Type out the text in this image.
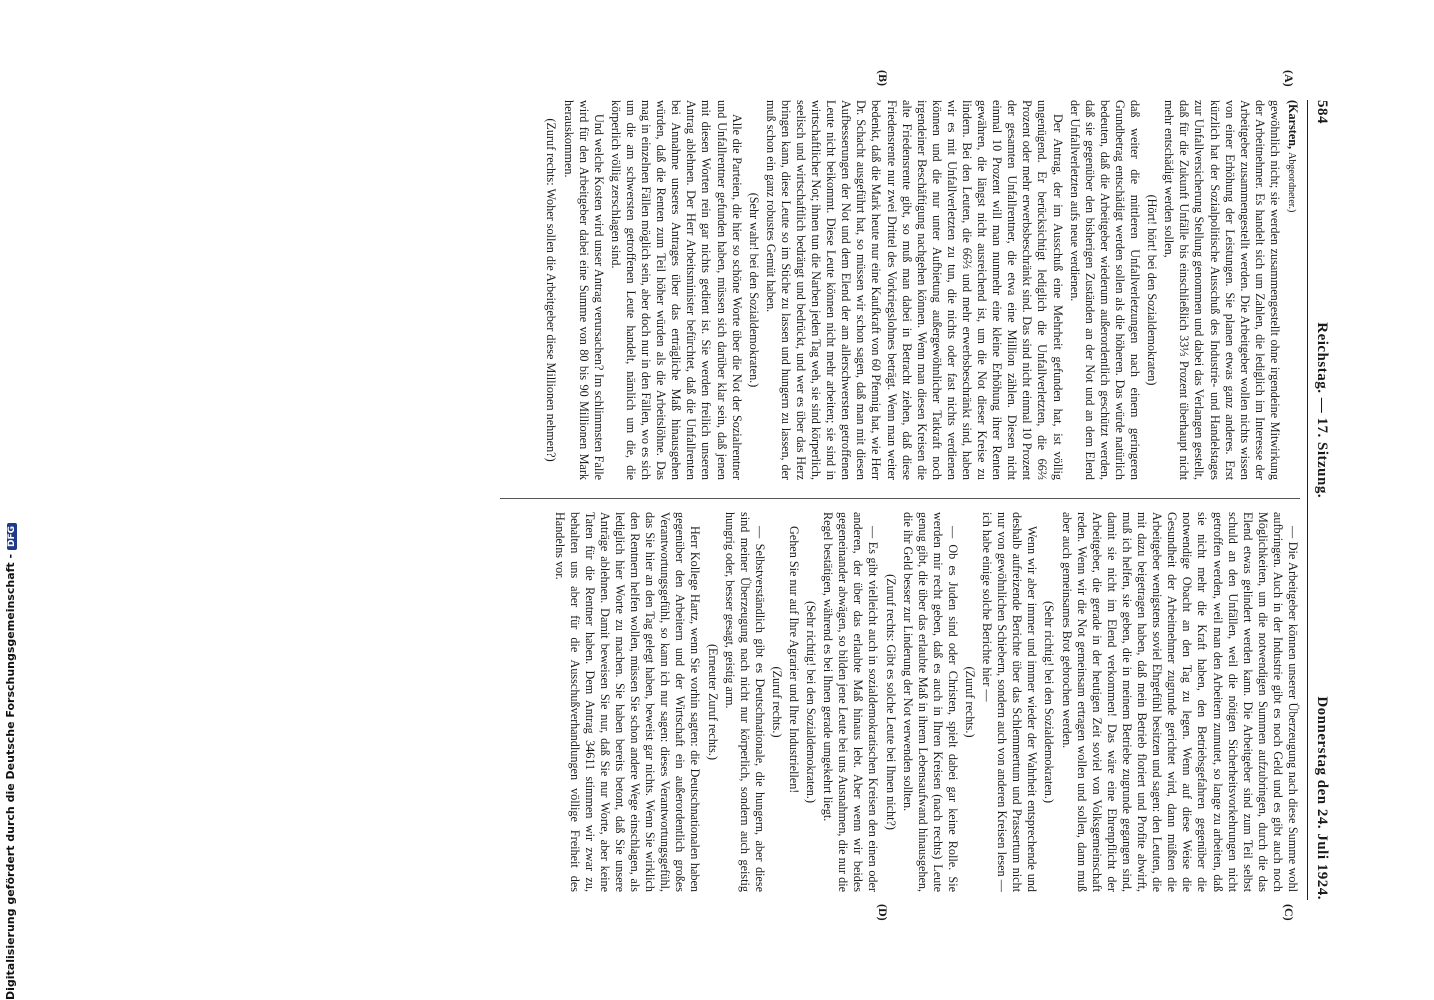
584
Reichstag. — 17. Sitzung.
Donnerstag den 24. Juli 1924.
(A)
(B)
(C)
(D)

(Karsten, Abgeordneter.)

gewöhnlich nicht; sie werden zusammengestellt ohne irgendeine Mitwirkung der Arbeitnehmer. Es handelt sich um Zahlen, die lediglich im Interesse der Arbeitgeber zusammengestellt werden. Die Arbeitgeber wollen nichts wissen von einer Erhöhung der Leistungen. Sie planen etwas ganz anderes. Erst kürzlich hat der Sozialpolitische Ausschuß des Industrie- und Handelstages zur Unfallversicherung Stellung genommen und dabei das Verlangen gestellt, daß für die Zukunft Unfälle bis einschließlich 33⅓ Prozent überhaupt nicht mehr entschädigt werden sollen,

(Hört! hört! bei den Sozialdemokraten)

daß weiter die mittleren Unfallverletzungen nach einem geringeren Grundbetrag entschädigt werden sollen als die höheren. Das würde natürlich bedeuten, daß die Arbeitgeber wiederum außerordentlich geschützt werden, daß sie gegenüber den bisherigen Zuständen an der Not und an dem Elend der Unfallverletzten aufs neue verdienen.

Der Antrag, der im Ausschuß eine Mehrheit gefunden hat, ist völlig ungenügend. Er berücksichtigt lediglich die Unfallverletzten, die 66⅔ Prozent oder mehr erwerbsbeschränkt sind. Das sind nicht einmal 10 Prozent der gesamten Unfallrentner, die etwa eine Million zählen. Diesen nicht einmal 10 Prozent will man nunmehr eine kleine Erhöhung ihrer Renten gewähren, die längst nicht ausreichend ist, um die Not dieser Kreise zu lindern. Bei den Leuten, die 66⅔ und mehr erwerbsbeschränkt sind, haben wir es mit Unfallverletzten zu tun, die nichts oder fast nichts verdienen können und die nur unter Aufbietung außergewöhnlicher Tatkraft noch irgendeiner Beschäftigung nachgehen können. Wenn man diesen Kreisen die alte Friedensrente gibt, so muß man dabei in Betracht ziehen, daß diese Friedensrente nur zwei Drittel des Vorkriegslohnes beträgt. Wenn man weiter bedenkt, daß die Mark heute nur eine Kaufkraft von 60 Pfennig hat, wie Herr Dr. Schacht ausgeführt hat, so müssen wir schon sagen, daß man mit diesen Aufbesserungen der Not und dem Elend der am allerschwersten getroffenen Leute nicht beikommt. Diese Leute können nicht mehr arbeiten; sie sind in wirtschaftlicher Not; ihnen tun die Narben jeden Tag weh, sie sind körperlich, seelisch und wirtschaftlich bedrängt und bedrückt, und wer es über das Herz bringen kann, diese Leute so im Stiche zu lassen und hungern zu lassen, der muß schon ein ganz robustes Gemüt haben.

(Sehr wahr! bei den Sozialdemokraten.)

Alle die Parteien, die hier so schöne Worte über die Not der Sozialrentner und Unfallrentner gefunden haben, müssen sich darüber klar sein, daß jenen mit diesen Worten rein gar nichts gedient ist. Sie werden freilich unseren Antrag ablehnen. Der Herr Arbeitsminister befürchtet, daß die Unfallrenten bei Annahme unseres Antrages über das erträgliche Maß hinausgehen würden, daß die Renten zum Teil höher würden als die Arbeitslöhne. Das mag in einzelnen Fällen möglich sein, aber doch nur in den Fällen, wo es sich um die am schwersten getroffenen Leute handelt, nämlich um die, die körperlich völlig zerschlagen sind.

Und welche Kosten wird unser Antrag verursachen? Im schlimmsten Falle wird für den Arbeitgeber dabei eine Summe von 80 bis 90 Millionen Mark herauskommen.

(Zuruf rechts: Woher sollen die Arbeitgeber diese Millionen nehmen?)

— Die Arbeitgeber können unserer Überzeugung nach diese Summe wohl aufbringen. Auch in der Industrie gibt es noch Geld und es gibt auch noch Möglichkeiten, um die notwendigen Summen aufzubringen, durch die das Elend etwas gelindert werden kann. Die Arbeitgeber sind zum Teil selbst schuld an den Unfällen, weil die nötigen Sicherheitsvorkehrungen nicht getroffen werden, weil man den Arbeitern zumutet, so lange zu arbeiten, daß sie nicht mehr die Kraft haben, den Betriebsgefahren gegenüber die notwendige Obacht an den Tag zu legen. Wenn auf diese Weise die Gesundheit der Arbeitnehmer zugrunde gerichtet wird, dann müßten die Arbeitgeber wenigstens soviel Ehrgefühl besitzen und sagen: den Leuten, die mit dazu beigetragen haben, daß mein Betrieb floriert und Profite abwirft, muß ich helfen, sie geben, die in meinem Betriebe zugrunde gegangen sind, damit sie nicht im Elend verkommen! Das wäre eine Ehrenpflicht der Arbeitgeber, die gerade in der heutigen Zeit soviel von Volksgemeinschaft reden. Wenn wir die Not gemeinsam ertragen wollen und sollen, dann muß aber auch gemeinsames Brot gebrochen werden.

(Sehr richtig! bei den Sozialdemokraten.)

Wenn wir aber immer und immer wieder der Wahrheit entsprechende und deshalb aufreizende Berichte über das Schlemmertum und Prassertum nicht nur von gewöhnlichen Schiebern, sondern auch von anderen Kreisen lesen — ich habe einige solche Berichte hier —

(Zuruf rechts.)

— Ob es Juden sind oder Christen, spielt dabei gar keine Rolle. Sie werden mir recht geben, daß es auch in Ihren Kreisen (nach rechts) Leute genug gibt, die über das erlaubte Maß in ihrem Lebensaufwand hinausgehen, die ihr Geld besser zur Linderung der Not verwenden sollten.

(Zuruf rechts: Gibt es solche Leute bei Ihnen nicht?)

— Es gibt vielleicht auch in sozialdemokratischen Kreisen den einen oder anderen, der über das erlaubte Maß hinaus lebt. Aber wenn wir beides gegeneinander abwägen, so bilden jene Leute bei uns Ausnahmen, die nur die Regel bestätigen, während es bei Ihnen gerade umgekehrt liegt.

(Sehr richtig! bei den Sozialdemokraten.)

Gehen Sie nur auf Ihre Agrarier und Ihre Industriellen!

(Zuruf rechts.)

— Selbstverständlich gibt es Deutschnationale, die hungern, aber diese sind meiner Überzeugung nach nicht nur körperlich, sondern auch geistig hungrig oder, besser gesagt, geistig arm.

(Erneuter Zuruf rechts.)

Herr Kollege Hartz, wenn Sie vorhin sagten: die Deutschnationalen haben gegenüber den Arbeitern und der Wirtschaft ein außerordentlich großes Verantwortungsgefühl, so kann ich nur sagen: dieses Verantwortungsgefühl, das Sie hier an den Tag gelegt haben, beweist gar nichts. Wenn Sie wirklich den Rentnern helfen wollen, müssen Sie schon andere Wege einschlagen, als lediglich hier Worte zu machen. Sie haben bereits betont, daß Sie unsere Anträge ablehnen. Damit beweisen Sie nur, daß Sie nur Worte, aber keine Taten für die Rentner haben. Dem Antrag 34611 stimmen wir zwar zu, behalten uns aber für die Ausschußverhandlungen völlige Freiheit des Handelns vor.

Digitalisierung gefördert durch die Deutsche Forschungsgemeinschaft -DFG
